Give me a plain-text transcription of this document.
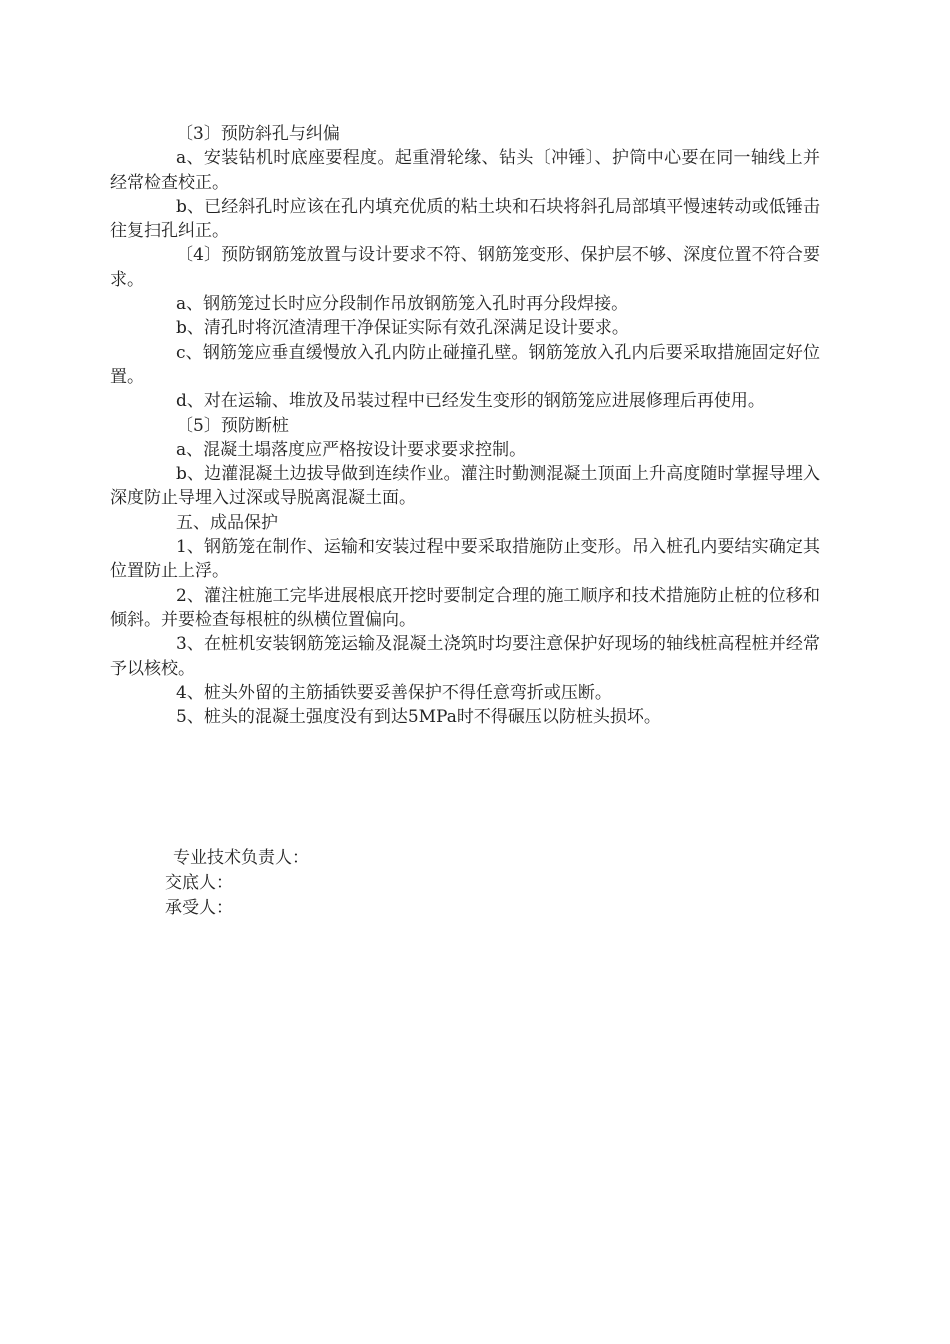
〔3〕预防斜孔与纠偏

a、安装钻机时底座要程度。起重滑轮缘、钻头〔冲锤〕、护筒中心要在同一轴线上并经常检查校正。

b、已经斜孔时应该在孔内填充优质的粘土块和石块将斜孔局部填平慢速转动或低锤击往复扫孔纠正。

〔4〕预防钢筋笼放置与设计要求不符、钢筋笼变形、保护层不够、深度位置不符合要求。

a、钢筋笼过长时应分段制作吊放钢筋笼入孔时再分段焊接。

b、清孔时将沉渣清理干净保证实际有效孔深满足设计要求。

c、钢筋笼应垂直缓慢放入孔内防止碰撞孔壁。钢筋笼放入孔内后要采取措施固定好位置。

d、对在运输、堆放及吊装过程中已经发生变形的钢筋笼应进展修理后再使用。

〔5〕预防断桩

a、混凝土塌落度应严格按设计要求要求控制。

b、边灌混凝土边拔导做到连续作业。灌注时勤测混凝土顶面上升高度随时掌握导埋入深度防止导埋入过深或导脱离混凝土面。

五、成品保护

1、钢筋笼在制作、运输和安装过程中要采取措施防止变形。吊入桩孔内要结实确定其位置防止上浮。

2、灌注桩施工完毕进展根底开挖时要制定合理的施工顺序和技术措施防止桩的位移和倾斜。并要检查每根桩的纵横位置偏向。

3、在桩机安装钢筋笼运输及混凝土浇筑时均要注意保护好现场的轴线桩高程桩并经常予以核校。

4、桩头外留的主筋插铁要妥善保护不得任意弯折或压断。

5、桩头的混凝土强度没有到达5MPa时不得碾压以防桩头损坏。

专业技术负责人：

交底人：

承受人：
